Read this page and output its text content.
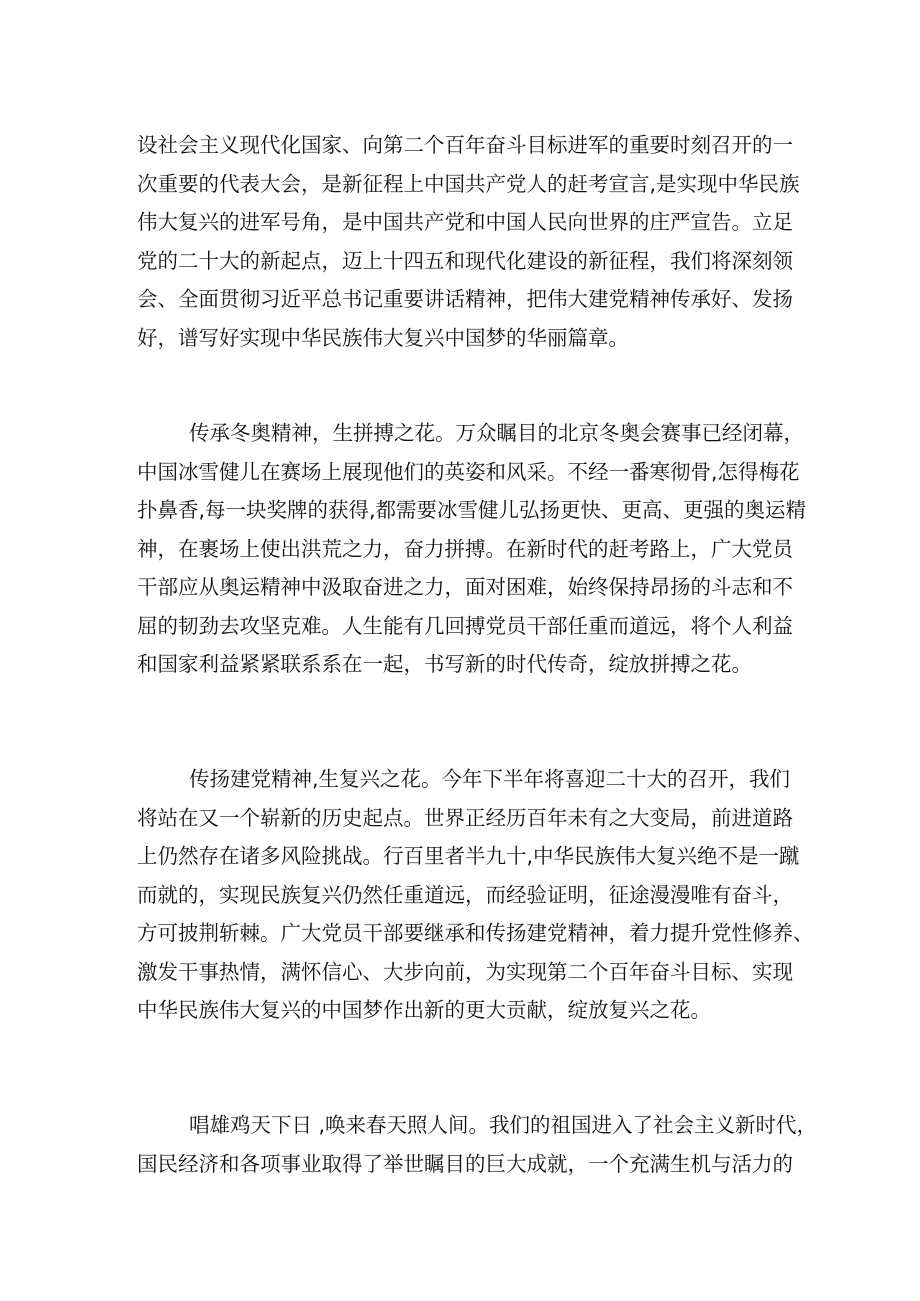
设社会主义现代化国家、向第二个百年奋斗目标进军的重要时刻召开的一
次重要的代表大会，是新征程上中国共产党人的赶考宣言,是实现中华民族
伟大复兴的进军号角，是中国共产党和中国人民向世界的庄严宣告。立足
党的二十大的新起点，迈上十四五和现代化建设的新征程，我们将深刻领
会、全面贯彻习近平总书记重要讲话精神，把伟大建党精神传承好、发扬
好，谱写好实现中华民族伟大复兴中国梦的华丽篇章。
传承冬奥精神，生拼搏之花。万众瞩目的北京冬奥会赛事已经闭幕，
中国冰雪健儿在赛场上展现他们的英姿和风采。不经一番寒彻骨,怎得梅花
扑鼻香,每一块奖牌的获得,都需要冰雪健儿弘扬更快、更高、更强的奥运精
神，在裹场上使出洪荒之力，奋力拼搏。在新时代的赶考路上，广大党员
干部应从奥运精神中汲取奋进之力，面对困难，始终保持昂扬的斗志和不
屈的韧劲去攻坚克难。人生能有几回搏党员干部任重而道远，将个人利益
和国家利益紧紧联系系在一起，书写新的时代传奇，绽放拼搏之花。
传扬建党精神,生复兴之花。今年下半年将喜迎二十大的召开，我们
将站在又一个崭新的历史起点。世界正经历百年未有之大变局，前进道路
上仍然存在诸多风险挑战。行百里者半九十,中华民族伟大复兴绝不是一蹴
而就的，实现民族复兴仍然任重道远，而经验证明，征途漫漫唯有奋斗，
方可披荆斩棘。广大党员干部要继承和传扬建党精神，着力提升党性修养、
激发干事热情，满怀信心、大步向前，为实现第二个百年奋斗目标、实现
中华民族伟大复兴的中国梦作出新的更大贡献，绽放复兴之花。
唱雄鸡天下日 ,唤来春天照人间。我们的祖国进入了社会主义新时代，
国民经济和各项事业取得了举世瞩目的巨大成就，一个充满生机与活力的
